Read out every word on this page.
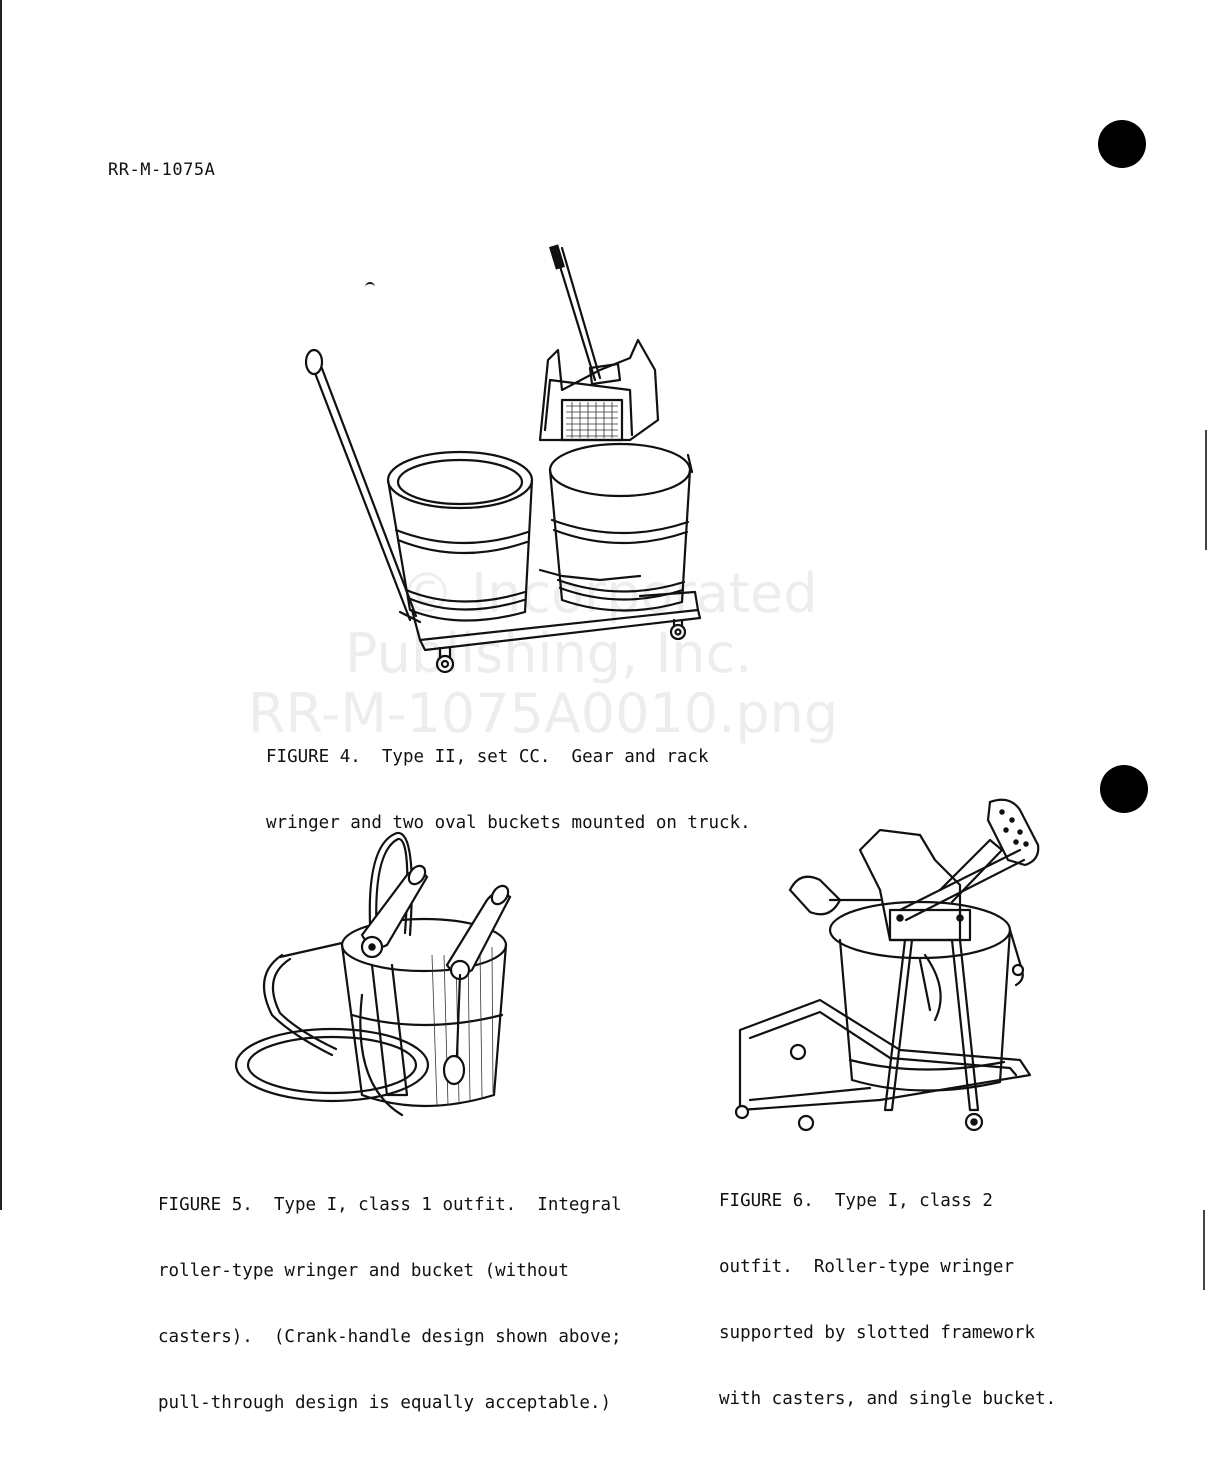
RR-M-1075A

FIGURE 4.  Type II, set CC.  Gear and rack

wringer and two oval buckets mounted on truck.

FIGURE 5.  Type I, class 1 outfit.  Integral

roller-type wringer and bucket (without

casters).  (Crank-handle design shown above;

pull-through design is equally acceptable.)

FIGURE 6.  Type I, class 2

outfit.  Roller-type wringer

supported by slotted framework

with casters, and single bucket.

© Incorporated
Publishing, Inc.
RR-M-1075A0010.png
